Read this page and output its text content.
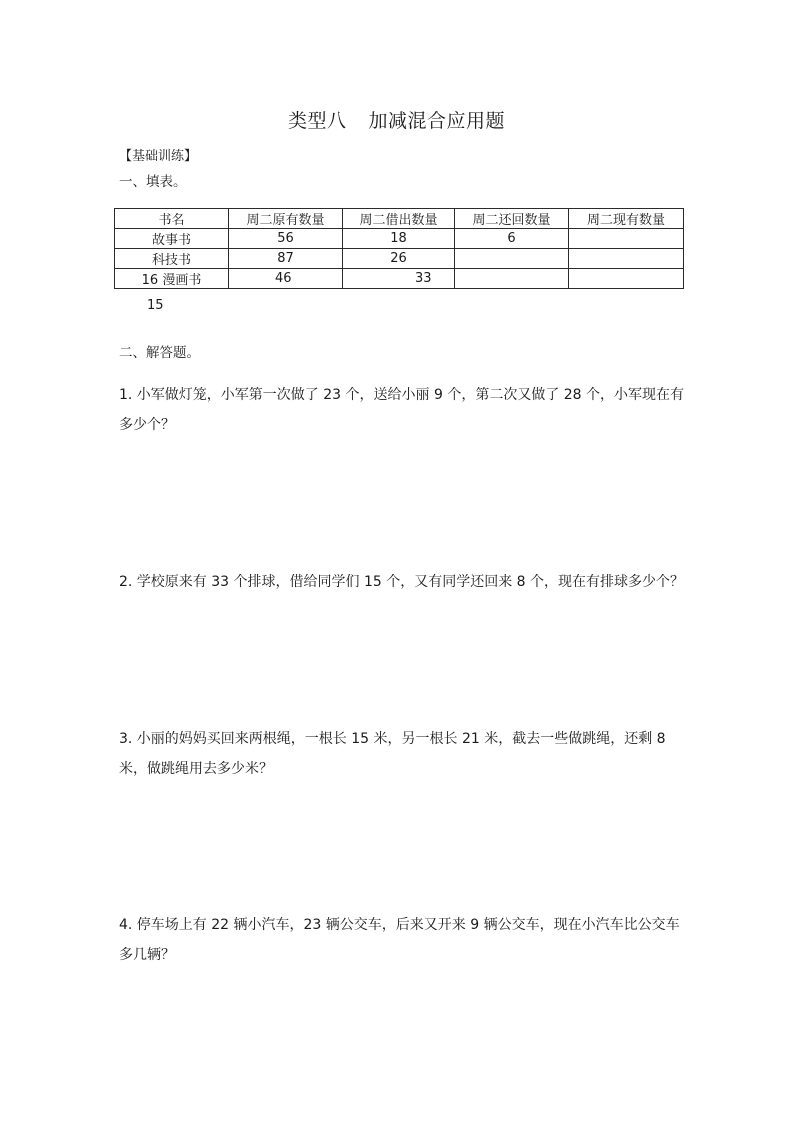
类型八 加减混合应用题
【基础训练】
一、填表。
书名	周二原有数量	周二借出数量	周二还回数量	周二现有数量
故事书	56	18	6	
科技书	87	26		
16 漫画书	46	33		
15
二、解答题。
1. 小军做灯笼，小军第一次做了 23 个，送给小丽 9 个，第二次又做了 28 个，小军现在有多少个？
2. 学校原来有 33 个排球，借给同学们 15 个，又有同学还回来 8 个，现在有排球多少个？
3. 小丽的妈妈买回来两根绳，一根长 15 米，另一根长 21 米，截去一些做跳绳，还剩 8 米，做跳绳用去多少米？
4. 停车场上有 22 辆小汽车，23 辆公交车，后来又开来 9 辆公交车，现在小汽车比公交车多几辆？
